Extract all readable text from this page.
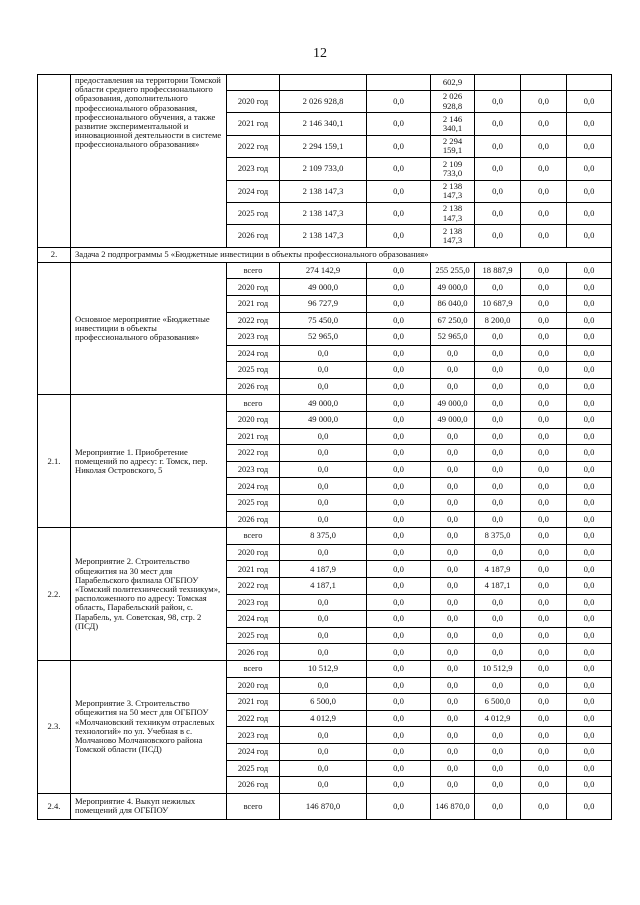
12
	предоставления на территории Томской области среднего профессионального образования, дополнительного профессионального образования, профессионального обучения, а также развитие экспериментальной и инновационной деятельности в системе профессионального образования»				602,9			
		2020 год	2 026 928,8	0,0	2 026 928,8	0,0	0,0	0,0
		2021 год	2 146 340,1	0,0	2 146 340,1	0,0	0,0	0,0
		2022 год	2 294 159,1	0,0	2 294 159,1	0,0	0,0	0,0
		2023 год	2 109 733,0	0,0	2 109 733,0	0,0	0,0	0,0
		2024 год	2 138 147,3	0,0	2 138 147,3	0,0	0,0	0,0
		2025 год	2 138 147,3	0,0	2 138 147,3	0,0	0,0	0,0
		2026 год	2 138 147,3	0,0	2 138 147,3	0,0	0,0	0,0
2.	Задача 2 подпрограммы 5 «Бюджетные инвестиции в объекты профессионального образования»							
	Основное мероприятие «Бюджетные инвестиции в объекты профессионального образования»	всего	274 142,9	0,0	255 255,0	18 887,9	0,0	0,0
		2020 год	49 000,0	0,0	49 000,0	0,0	0,0	0,0
		2021 год	96 727,9	0,0	86 040,0	10 687,9	0,0	0,0
		2022 год	75 450,0	0,0	67 250,0	8 200,0	0,0	0,0
		2023 год	52 965,0	0,0	52 965,0	0,0	0,0	0,0
		2024 год	0,0	0,0	0,0	0,0	0,0	0,0
		2025 год	0,0	0,0	0,0	0,0	0,0	0,0
		2026 год	0,0	0,0	0,0	0,0	0,0	0,0
2.1.	Мероприятие 1. Приобретение помещений по адресу: г. Томск, пер. Николая Островского, 5	всего	49 000,0	0,0	49 000,0	0,0	0,0	0,0
		2020 год	49 000,0	0,0	49 000,0	0,0	0,0	0,0
		2021 год	0,0	0,0	0,0	0,0	0,0	0,0
		2022 год	0,0	0,0	0,0	0,0	0,0	0,0
		2023 год	0,0	0,0	0,0	0,0	0,0	0,0
		2024 год	0,0	0,0	0,0	0,0	0,0	0,0
		2025 год	0,0	0,0	0,0	0,0	0,0	0,0
		2026 год	0,0	0,0	0,0	0,0	0,0	0,0
2.2.	Мероприятие 2. Строительство общежития на 30 мест для Парабельского филиала ОГБПОУ «Томский политехнический техникум», расположенного по адресу: Томская область, Парабельский район, с. Парабель, ул. Советская, 98, стр. 2 (ПСД)	всего	8 375,0	0,0	0,0	8 375,0	0,0	0,0
		2020 год	0,0	0,0	0,0	0,0	0,0	0,0
		2021 год	4 187,9	0,0	0,0	4 187,9	0,0	0,0
		2022 год	4 187,1	0,0	0,0	4 187,1	0,0	0,0
		2023 год	0,0	0,0	0,0	0,0	0,0	0,0
		2024 год	0,0	0,0	0,0	0,0	0,0	0,0
		2025 год	0,0	0,0	0,0	0,0	0,0	0,0
		2026 год	0,0	0,0	0,0	0,0	0,0	0,0
2.3.	Мероприятие 3. Строительство общежития на 50 мест для ОГБПОУ «Молчановский техникум отраслевых технологий» по ул. Учебная в с. Молчаново Молчановского района Томской области (ПСД)	всего	10 512,9	0,0	0,0	10 512,9	0,0	0,0
		2020 год	0,0	0,0	0,0	0,0	0,0	0,0
		2021 год	6 500,0	0,0	0,0	6 500,0	0,0	0,0
		2022 год	4 012,9	0,0	0,0	4 012,9	0,0	0,0
		2023 год	0,0	0,0	0,0	0,0	0,0	0,0
		2024 год	0,0	0,0	0,0	0,0	0,0	0,0
		2025 год	0,0	0,0	0,0	0,0	0,0	0,0
		2026 год	0,0	0,0	0,0	0,0	0,0	0,0
2.4.	Мероприятие 4. Выкуп нежилых помещений для ОГБПОУ	всего	146 870,0	0,0	146 870,0	0,0	0,0	0,0
